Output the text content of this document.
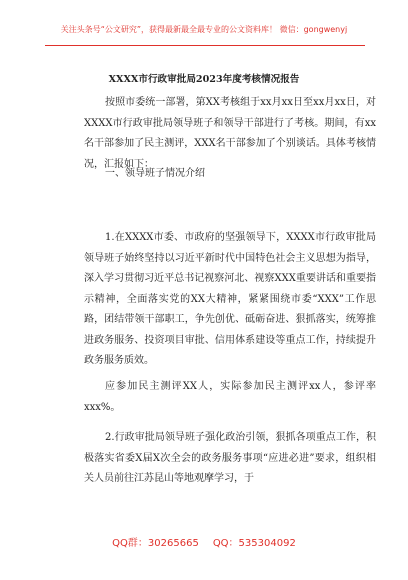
关注头条号“公文研究”，获得最新最全最专业的公文资料库！ 微信：gongwenyj
XXXX市行政审批局2023年度考核情况报告

按照市委统一部署，第XX考核组于xx月xx日至xx月xx日，对XXXX市行政审批局领导班子和领导干部进行了考核。期间，有xx名干部参加了民主测评，XXX名干部参加了个别谈话。具体考核情况，汇报如下：

一、领导班子情况介绍

1.在XXXX市委、市政府的坚强领导下，XXXX市行政审批局领导班子始终坚持以习近平新时代中国特色社会主义思想为指导，深入学习贯彻习近平总书记视察河北、视察XXX重要讲话和重要指示精神，全面落实党的XX大精神，紧紧围绕市委“XXX”工作思路，团结带领干部职工，争先创优、砥砺奋进、狠抓落实，统筹推进政务服务、投资项目审批、信用体系建设等重点工作，持续提升政务服务质效。

应参加民主测评XX人，实际参加民主测评xx人，参评率xxx%。

2.行政审批局领导班子强化政治引领，狠抓各项重点工作，积极落实省委X届X次全会的政务服务事项“应进必进”要求，组织相关人员前往江苏昆山等地观摩学习，于

QQ群：30265665 QQ：535304092
